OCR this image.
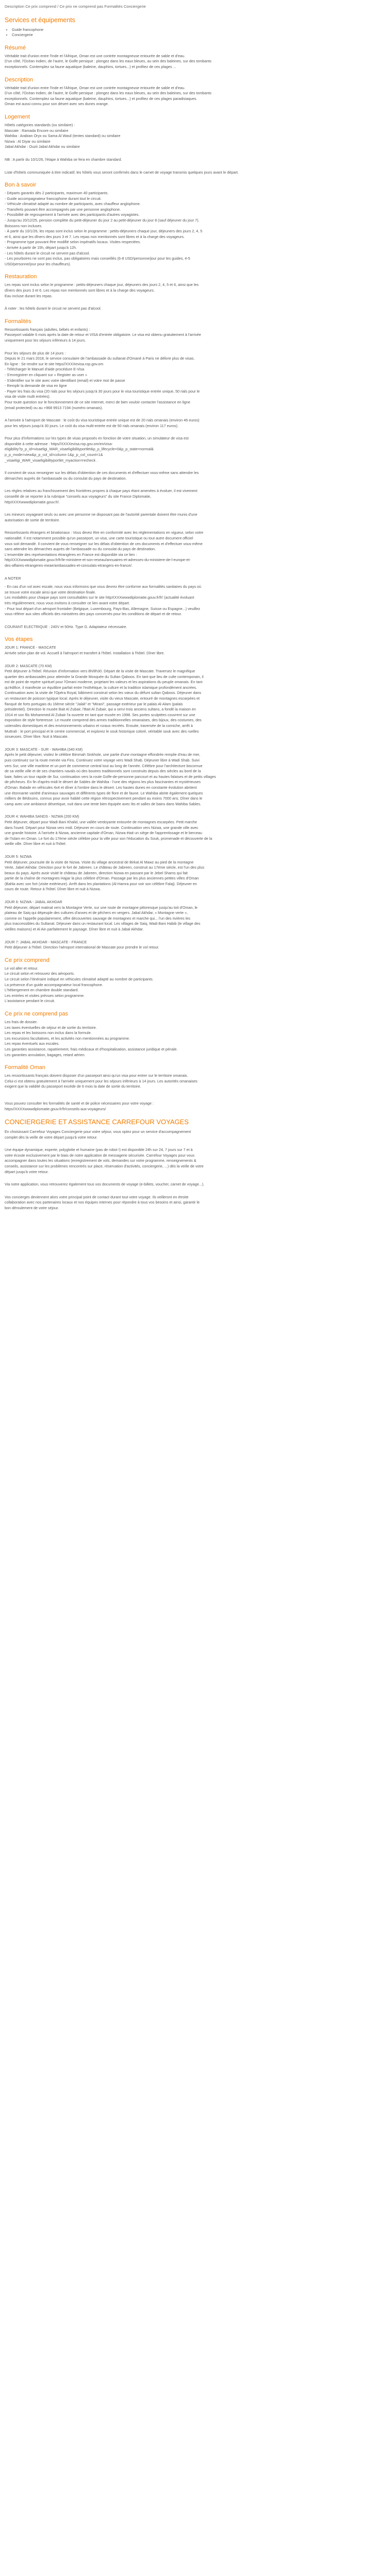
Description Ce prix comprend / Ce prix ne comprend pas Formalités Conciergerie
Services et équipements
• Guide francophone
• Conciergerie
Résumé
Véritable trait d'union entre l'Inde et l'Afrique, Oman est une contrée montagneuse entourée de sable et d'eau.
D'un côté, l'Océan Indien, de l'autre, le Golfe persique : plongez dans les eaux bleues, au sein des baleines, sur des tombants
exceptionnels. Contemplez sa faune aquatique (baleine, dauphins, tortues...) et profitez de ces plages ...
Description
Véritable trait d'union entre l'Inde et l'Afrique, Oman est une contrée montagneuse entourée de sable et d'eau.
D'un côté, l'Océan Indien, de l'autre, le Golfe persique : plongez dans les eaux bleues, au sein des baleines, sur des tombants
exceptionnels. Contemplez sa faune aquatique (baleine, dauphins, tortues...) et profitez de ces plages paradisiaques.
Oman est aussi connu pour son désert avec ses dunes orange.
Logement
Hôtels catégories standards (ou similaire) :
Mascate : Ramada Encore ou similaire
Wahiba : Arabian Oryx ou Sama Al Wasil (tentes standard) ou similaire
Nizwa : Al Diyar ou similaire
Jabal Akhdar : Ouzii Jabal Akhdar ou similaire
NB : A partir du 10/1/26, l'étape à Wahiba se fera en chambre standard.
Liste d'hôtels communiquée à titre indicatif, les hôtels vous seront confirmés dans le carnet de voyage transmis quelques jours avant le départ.
Bon à savoir
- Départs garantis dès 2 participants, maximum 40 participants.
- Guide accompagnateur francophone durant tout le circuit.
- Véhicule climatisé adapté au nombre de participants, avec chauffeur anglophone.
- Transferts pouvant être accompagnés par une personne anglophone.
- Possibilité de regroupement à l'arrivée avec des participants d'autres voyagistes.
- Jusqu'au 20/12/25, pension complète du petit-déjeuner du jour 2 au petit-déjeuner du jour 8 (sauf déjeuner du jour 7).
Boissons non incluses.
- À partir du 10/1/26, les repas sont inclus selon le programme : petits-déjeuners chaque jour, déjeuners des jours 2, 4, 5
et 6, ainsi que les dîners des jours 3 et 7. Les repas non mentionnés sont libres et à la charge des voyageurs.
- Programme type pouvant être modifié selon impératifs locaux. Visites respectées.
- Arrivée à partir de 15h, départ jusqu'à 12h.
- Les hôtels durant le circuit ne servent pas d'alcool.
- Les pourboires ne sont pas inclus, pas obligatoires mais conseillés (6-8 USD/personne/jour pour les guides, 4-5
USD/personne/jour pour les chauffeurs).
Restauration
Les repas sont inclus selon le programme : petits-déjeuners chaque jour, déjeuners des jours 2, 4, 5 et 6, ainsi que les
dîners des jours 3 et 6. Les repas non mentionnés sont libres et à la charge des voyageurs.
Eau incluse durant les repas.
À noter : les hôtels durant le circuit ne servent pas d'alcool.
Formalités
Ressortissants français (adultes, bébés et enfants) :
Passeport valable 6 mois après la date de retour et VISA d'entrée obligatoire. Le visa est obtenu gratuitement à l'arrivée
uniquement pour les séjours inférieurs à 14 jours.
Pour les séjours de plus de 14 jours :
Depuis le 21 mars 2018, le service consulaire de l'ambassade du sultanat d'Omané à Paris ne délivre plus de visas.
En ligne : Se rendre sur le site https//XXXXevisa.rop.gov.om
- Télécharger le Manuel d'aide procédure E-Visa
- S'enregistrer en cliquant sur « Register as user »
- S'identifier sur le site avec votre identifiant (email) et votre mot de passe
- Remplir la demande de visa en ligne
- Payer les frais du visa (20 rials pour les séjours jusqu'à 30 jours pour le visa touristique entrée unique, 50 rials pour le
visa de visite multi entrées).
Pour toute question sur le fonctionnement de ce site internet, merci de bien vouloir contacter l'assistance en ligne
(email protected) ou au +968 9913 7194 (numéro omanais).
A l'arrivée à l'aéroport de Mascate : le coût du visa touristique entrée unique est de 20 rials omanais (environ 46 euros)
pour les séjours jusqu'à 30 jours. Le coût du visa multi-entrée est de 50 rials omanais (environ 117 euros).
Pour plus d'informations sur les types de visas proposés en fonction de votre situation, un simulateur de visa est
disponible à cette adresse : https//XXXXevisa.rop.gov.om/en/visa-
eligibility?p_p_id=visaeligi_WAR_visaeligibilityportlet&p_p_lifecycle=0&p_p_state=normal&
p_p_mode=view&p_p_col_id=column-1&p_p_col_count=1&
_visaeligi_WAR_visaeligibilityportlet_myaction=recheck .
Il convient de vous renseigner sur les délais d'obtention de ces documents et d'effectuer vous-même sans attendre les
démarches auprès de l'ambassade ou du consulat du pays de destination.
Les règles relatives au franchissement des frontières propres à chaque pays étant amenées à évoluer, il est vivement
conseillé de se reporter à la rubrique "conseils aux voyageurs" du site France Diplomatie,
httpXXXXwwwdiplomatie.gouv.fr/.
Les mineurs voyageant seuls ou avec une personne ne disposant pas de l'autorité parentale doivent être munis d'une
autorisation de sortie de territoire.
Ressortissants étrangers et binationaux : Vous devez être en conformité avec les réglementations en vigueur, selon votre
nationalité. Il est notamment possible qu'un passeport, un visa, une carte touristique ou tout autre document officiel
vous soit demandé. Il convient de vous renseigner sur les délais d'obtention de ces documents et d'effectuer vous-même
sans attendre les démarches auprès de l'ambassade ou du consulat du pays de destination.
L'ensemble des représentations étrangères en France est disponible via ce lien :
httpXXXXwwwdiplomatie.gouv.fr/fr/le-ministere-et-son-reseau/annuaires-et-adresses-du-ministere-de-l-europe-et-
des-affaires-etrangeres-meae/ambassades-et-consulats-etrangers-en-france/.
A NOTER
- En cas d'un vol avec escale, nous vous informons que vous devrez être conforme aux formalités sanitaires du pays où
se trouve votre escale ainsi que votre destination finale.
Les modalités pour chaque pays sont consultables sur le site httpXXXXwwwdiplomatie.gouv.fr/fr/ (actualité évoluant
très régulièrement, nous vous invitons à consulter ce lien avant votre départ.
- Pour tout départ d'un aéroport frontalier (Belgique, Luxembourg, Pays-Bas, Allemagne, Suisse ou Espagne...) veuillez
vous référer aux sites officiels des ministères des pays concernés pour les conditions de départ et de retour.
COURANT ELECTRIQUE : 240V et 50Hz. Type G. Adaptateur nécessaire.
Vos étapes
JOUR 1: FRANCE - MASCATE
Arrivée selon plan de vol. Accueil à l'aéroport et transfert à l'hôtel. Installation à l'hôtel. Dîner libre.
JOUR 2: MASCATE (70 KM)
Petit déjeuner à l'hôtel. Réunion d'information vers 8h/8h30. Départ de la visite de Mascate. Traversez le magnifique
quartier des ambassades pour atteindre la Grande Mosquée du Sultan Qaboos. En tant que lieu de culte contemporain, il
est de point de repère spirituel pour l'Omani moderne, projetant les valeurs et les aspirations du peuple omanais. En tant
qu'édifice, il manifeste un équilibre parfait entre l'esthétique, la culture et la tradition islamique profondément ancrées.
Continuation avec la visite de l'Opéra Royal, bâtiment construit selon les vœux du défunt sultan Qaboos. Déjeuner dans
un restaurant de poisson typique local. Après le déjeuner, visite du vieux Mascate, entouré de montagnes escarpées et
flanqué de forts portugais du 16ème siècle "Jalali" et "Mirani", passage extérieur par le palais Al-Alam (palais
présidentiel). Direction le musée Bait Al Zubair, l'Bait Al Zubair, qui a servi trois anciens sultans, a fondé la maison en
1914 et son fils Mohammed Al Zubair l'a ouverte en tant que musée en 1998. Ses portes sculptées couvrent sur une
exposition de style forteresse. Le musée comprend des armes traditionnelles omanaises, des bijoux, des costumes, des
ustensiles domestiques et des environnements urbains et ruraux recréés. Ensuite, traversée de la corniche, arrêt à
Muttrah : le port principal et le centre commercial, et explorez le souk historique coloré, véritable souk avec des ruelles
sinueuses. Dîner libre. Nuit à Mascate.
JOUR 3: MASCATE - SUR - WAHIBA (340 KM)
Après le petit déjeuner, visitez le célèbre Bimmah Sinkhole, une partie d'une montagne effondrée remplie d'eau de mer,
puis continuez sur la route menée via Fins. Continuez votre voyage vers Wadi Shab. Déjeuner libre à Wadi Shab. Suivi
vers Sur, une ville maritime et un port de commerce central tout au long de l'année. Célèbre pour l'architecture biscornue
de sa vieille ville et de ses chantiers navals où des boutres traditionnels sont construits depuis des siècles au bord de la
baie, faites un tour rapide de Sur, continuation vers la route Golfe-de-personne parcourt et au hautes falaises et de petits villages
de pêcheurs. En fin d'après-midi le désert de Sables de Wahiba - l'une des régions les plus fascinantes et mystérieuses
d'Oman. Balade en véhicules 4x4 et dîner à l'ombre dans le désert. Les hautes dunes en constante évolution abritent
une étonnante variété d'animaux sauvages et différents types de flore et de faune. Le Wahiba abrite également quelques
milliers de Bédouins, connus pour avoir habité cette région rétrospectivement pendant au moins 7000 ans. Dîner dans le
camp avec une ambiance désertique, nuit dans une tente bien équipée avec lits et salles de bains dans Wahiba Sables.
JOUR 4: WAHIBA SANDS - NIZWA (200 KM)
Petit déjeuner, départ pour Wadi Bani Khalid, une vallée verdoyante entourée de montagnes escarpées. Petit marche
dans l'oued. Départ pour Nizwa vers midi. Déjeuner en cours de route. Continuation vers Nizwa, une grande ville avec
une grande histoire. A l'arrivée à Nizwa, ancienne capitale d'Oman, Nizwa était un siège de l'apprentissage et le berceau
de l'Islam en Oman. Le fort du 17ème siècle célèbre pour la ville pour son l'éducation du Souk, promenade et découverte de la
vieille ville. Dîner libre et nuit à l'hôtel.
JOUR 5: NIZWA
Petit déjeuner, poursuite de la visite de Nizwa. Visite du village ancestral de Birkat Al Mawz au pied de la montagne
Verte, Jabel Akhdar. Direction pour le fort de Jabreen. Le château de Jabreen, construit au 17ème siècle, est l'un des plus
beaux du pays. Après avoir visité le château de Jabreen, direction Nizwa en passant par le Jebel Shams qui fait
partie de la chaîne de montagnes Hajjar la plus célèbre d'Oman. Passage par les plus anciennes petites villes d'Oman
(Bahla avec son fort (visite extérieure). Arrêt dans les plantations (Al-Hamra pour voir son célèbre Falaj). Déjeuner en
cours de route. Retour à l'hôtel. Dîner libre et nuit à Nizwa.
JOUR 6: NIZWA - JABAL AKHDAR
Petit déjeuner, départ matinal vers la Montagne Verte, sur une route de montagne pittoresque jusqu'au toit d'Oman, le
plateau de Saiq qui dépeuple des cultures d'anxes et de pêchers en vergers. Jabal Akhdar, « Montagne verte »,
comme on l'appelle populairement, offre découvertes sauvage de montagnes et marche qui... l'un des rivières les
plus inaccessibles du Sultanat. Déjeuner dans un restaurant local. Les villages de Saiq, Wadi Bani Habib (le village des
vieilles maisons) et Al Ain parfaitement le paysage. Dîner libre et nuit à Jabal Akhdar.
JOUR 7: JABAL AKHDAR - MASCATE - FRANCE
Petit déjeuner à l'hôtel. Direction l'aéroport international de Mascate pour prendre le vol retour.
Ce prix comprend
Le vol aller et retour.
Le circuit selon et retrouvez des aéroports.
Le circuit selon l'itinéraire indiqué en véhicules climatisé adapté au nombre de participants.
La présence d'un guide accompagnateur local francophone.
L'hébergement en chambre double standard.
Les entrées et visites prévues selon programme.
L'assistance pendant le circuit.
Ce prix ne comprend pas
Les frais de dossier.
Les taxes éventuelles de séjour et de sortie du territoire.
Les repas et les boissons non inclus dans la formule.
Les excursions facultatives, et les activités non mentionnées au programme.
Les repas éventuels aux escales.
Les garanties assistance, rapatriement, frais médicaux et d'hospitalisation, assistance juridique et pénale.
Les garanties annulation, bagages, retard aérien.
Formalité Oman
Les ressortissants français doivent disposer d'un passeport ainsi qu'un visa pour entrer sur le territoire omanais.
Celui-ci est obtenu gratuitement à l'arrivée uniquement pour les séjours inférieurs à 14 jours. Les autorités omanaises
exigent que la validité du passeport excède de 6 mois la date de sortie du territoire.
Vous pouvez consulter les formalités de santé et de police nécessaires pour votre voyage :
https//XXXXwwwdiplomatie.gouv.fr/fr/conseils-aux-voyageurs/
CONCIERGERIE ET ASSISTANCE CARREFOUR VOYAGES
En choisissant Carrefour Voyages Conciergerie pour votre séjour, vous optez pour un service d'accompagnement
complet dès la veille de votre départ jusqu'à votre retour.
Une équipe dynamique, experte, polyglotte et humaine (pas de robot !) est disponible 24h sur 24, 7 jours sur 7 et à
votre écoute exclusivement par le biais de notre application de messagerie sécurisée. Carrefour Voyages pour vous
accompagner dans toutes les situations (enregistrement de vols, demandes sur votre programme, renseignements &
conseils, assistance sur les problèmes rencontrés sur place, réservation d'activités, conciergerie, ...) dès la veille de votre
départ jusqu'à votre retour.
Via notre application, vous retrouverez également tous vos documents de voyage (e-billets, voucher, carnet de voyage...).
Vos concierges deviennent alors votre principal point de contact durant tout votre voyage. Ils veilleront en étroite
collaboration avec nos partenaires locaux et nos équipes internes pour répondre à tous vos besoins et ainsi, garantir le
bon déroulement de votre séjour.
